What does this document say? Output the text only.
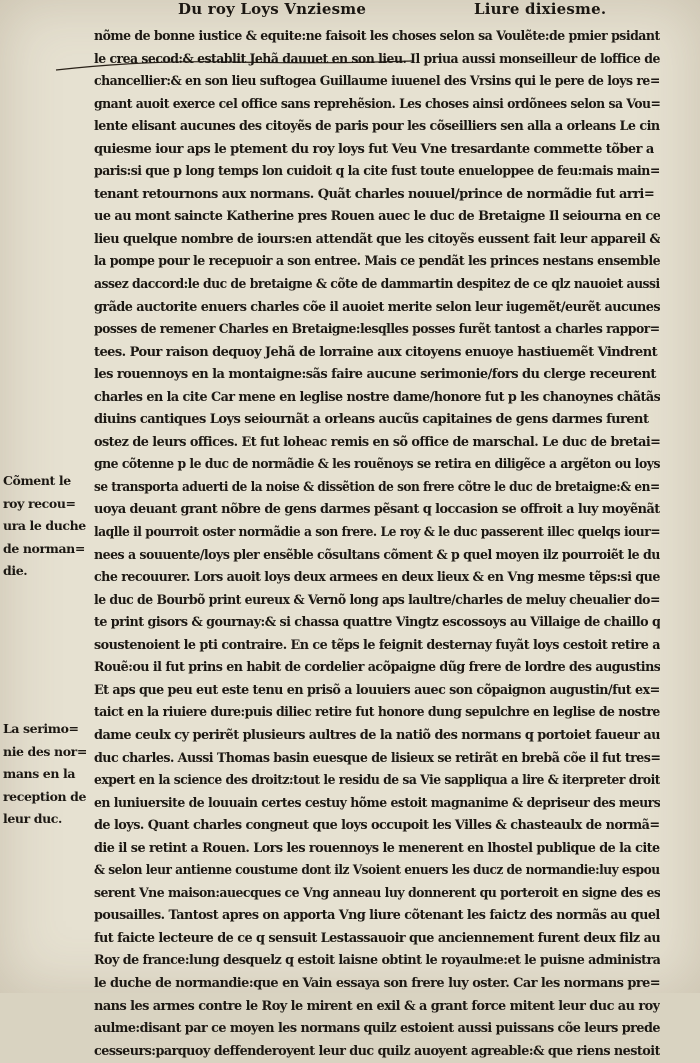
Du roy Loys Vnziesme	Liure dixiesme.
nõme de bonne iustice & equite:ne faisoit les choses selon sa Voulẽte:de pmier psidant
le crea secod:& establit Jehã dauuet en son lieu. Il priua aussi monseilleur de loffice de
chancellier:& en son lieu suftogea Guillaume iuuenel des Vrsins qui le pere de loys re=
gnant auoit exerce cel office sans reprehẽsion. Les choses ainsi ordõnees selon sa Vou=
lente elisant aucunes des citoyẽs de paris pour les cõseilliers sen alla a orleans Le cin
quiesme iour aps le ptement du roy loys fut Veu Vne tresardante commette tõber a
paris:si que p long temps lon cuidoit q la cite fust toute enueloppee de feu:mais main=
tenant retournons aux normans. Quãt charles nouuel/prince de normãdie fut arri=
ue au mont saincte Katherine pres Rouen auec le duc de Bretaigne Il seiourna en ce
lieu quelque nombre de iours:en attendãt que les citoyẽs eussent fait leur appareil &
la pompe pour le recepuoir a son entree. Mais ce pendãt les princes nestans ensemble
assez daccord:le duc de bretaigne & cõte de dammartin despitez de ce qlz nauoiet aussi
grãde auctorite enuers charles cõe il auoiet merite selon leur iugemẽt/eurẽt aucunes
posses de remener Charles en Bretaigne:lesqlles posses furẽt tantost a charles rappor=
tees. Pour raison dequoy Jehã de lorraine aux citoyens enuoye hastiuemẽt Vindrent
les rouennoys en la montaigne:sãs faire aucune serimonie/fors du clerge receurent
charles en la cite Car mene en leglise nostre dame/honore fut p les chanoynes chãtãs
diuins cantiques Loys seiournãt a orleans aucũs capitaines de gens darmes furent
ostez de leurs offices. Et fut loheac remis en sõ office de marschal. Le duc de bretai=
gne cõtenne p le duc de normãdie & les rouẽnoys se retira en diligẽce a argẽton ou loys
se transporta aduerti de la noise & dissẽtion de son frere cõtre le duc de bretaigne:& en=
uoya deuant grant nõbre de gens darmes pẽsant q loccasion se offroit a luy moyẽnãt
laqlle il pourroit oster normãdie a son frere. Le roy & le duc passerent illec quelqs iour=
nees a souuente/loys pler ensẽble cõsultans cõment & p quel moyen ilz pourroiẽt le du
che recouurer. Lors auoit loys deux armees en deux lieux & en Vng mesme tẽps:si que
le duc de Bourbõ print eureux & Vernõ long aps laultre/charles de meluy cheualier do=
te print gisors & gournay:& si chassa quattre Vingtz escossoys au Villaige de chaillo q
soustenoient le pti contraire. En ce tẽps le feignit desternay fuyãt loys cestoit retire a
Rouẽ:ou il fut prins en habit de cordelier acõpaigne dũg frere de lordre des augustins
Et aps que peu eut este tenu en prisõ a louuiers auec son cõpaignon augustin/fut ex=
taict en la riuiere dure:puis diliec retire fut honore dung sepulchre en leglise de nostre
dame ceulx cy perirẽt plusieurs aultres de la natiõ des normans q portoiet faueur au
duc charles. Aussi Thomas basin euesque de lisieux se retirãt en brebã cõe il fut tres=
expert en la science des droitz:tout le residu de sa Vie sappliqua a lire & iterpreter droit
en luniuersite de louuain certes cestuy hõme estoit magnanime & depriseur des meurs
de loys. Quant charles congneut que loys occupoit les Villes & chasteaulx de normã=
die il se retint a Rouen. Lors les rouennoys le menerent en lhostel publique de la cite
& selon leur antienne coustume dont ilz Vsoient enuers les ducz de normandie:luy espou
serent Vne maison:auecques ce Vng anneau luy donnerent qu porteroit en signe des es
pousailles. Tantost apres on apporta Vng liure cõtenant les faictz des normãs au quel
fut faicte lecteure de ce q sensuit Lestassauoir que anciennement furent deux filz au
Roy de france:lung desquelz q estoit laisne obtint le royaulme:et le puisne administra
le duche de normandie:que en Vain essaya son frere luy oster. Car les normans pre=
nans les armes contre le Roy le mirent en exil & a grant force mitent leur duc au roy
aulme:disant par ce moyen les normans quilz estoient aussi puissans cõe leurs prede
cesseurs:parquoy deffenderoyent leur duc quilz auoyent agreable:& que riens nestoit
Cõment le
roy recou=
ura le duche
de norman=
die.
La serimo=
nie des nor=
mans en la
reception de
leur duc.
